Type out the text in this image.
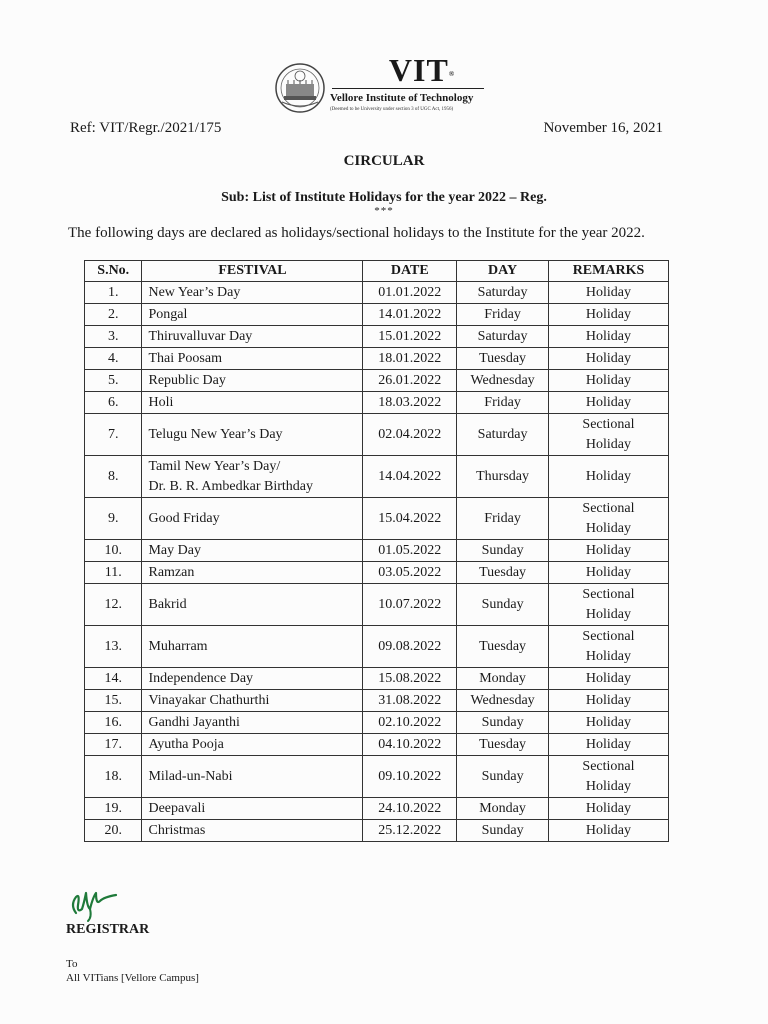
VIT®
Vellore Institute of Technology
(Deemed to be University under section 3 of UGC Act, 1956)
Ref: VIT/Regr./2021/175	November 16, 2021
CIRCULAR
Sub: List of Institute Holidays for the year 2022 – Reg.
***
The following days are declared as holidays/sectional holidays to the Institute for the year 2022.
S.No.	FESTIVAL	DATE	DAY	REMARKS
1.	New Year’s Day	01.01.2022	Saturday	Holiday
2.	Pongal	14.01.2022	Friday	Holiday
3.	Thiruvalluvar Day	15.01.2022	Saturday	Holiday
4.	Thai Poosam	18.01.2022	Tuesday	Holiday
5.	Republic Day	26.01.2022	Wednesday	Holiday
6.	Holi	18.03.2022	Friday	Holiday
7.	Telugu New Year’s Day	02.04.2022	Saturday	Sectional
Holiday
8.	Tamil New Year’s Day/
Dr. B. R. Ambedkar Birthday	14.04.2022	Thursday	Holiday
9.	Good Friday	15.04.2022	Friday	Sectional
Holiday
10.	May Day	01.05.2022	Sunday	Holiday
11.	Ramzan	03.05.2022	Tuesday	Holiday
12.	Bakrid	10.07.2022	Sunday	Sectional
Holiday
13.	Muharram	09.08.2022	Tuesday	Sectional
Holiday
14.	Independence Day	15.08.2022	Monday	Holiday
15.	Vinayakar Chathurthi	31.08.2022	Wednesday	Holiday
16.	Gandhi Jayanthi	02.10.2022	Sunday	Holiday
17.	Ayutha Pooja	04.10.2022	Tuesday	Holiday
18.	Milad-un-Nabi	09.10.2022	Sunday	Sectional
Holiday
19.	Deepavali	24.10.2022	Monday	Holiday
20.	Christmas	25.12.2022	Sunday	Holiday
REGISTRAR
To
All VITians [Vellore Campus]
